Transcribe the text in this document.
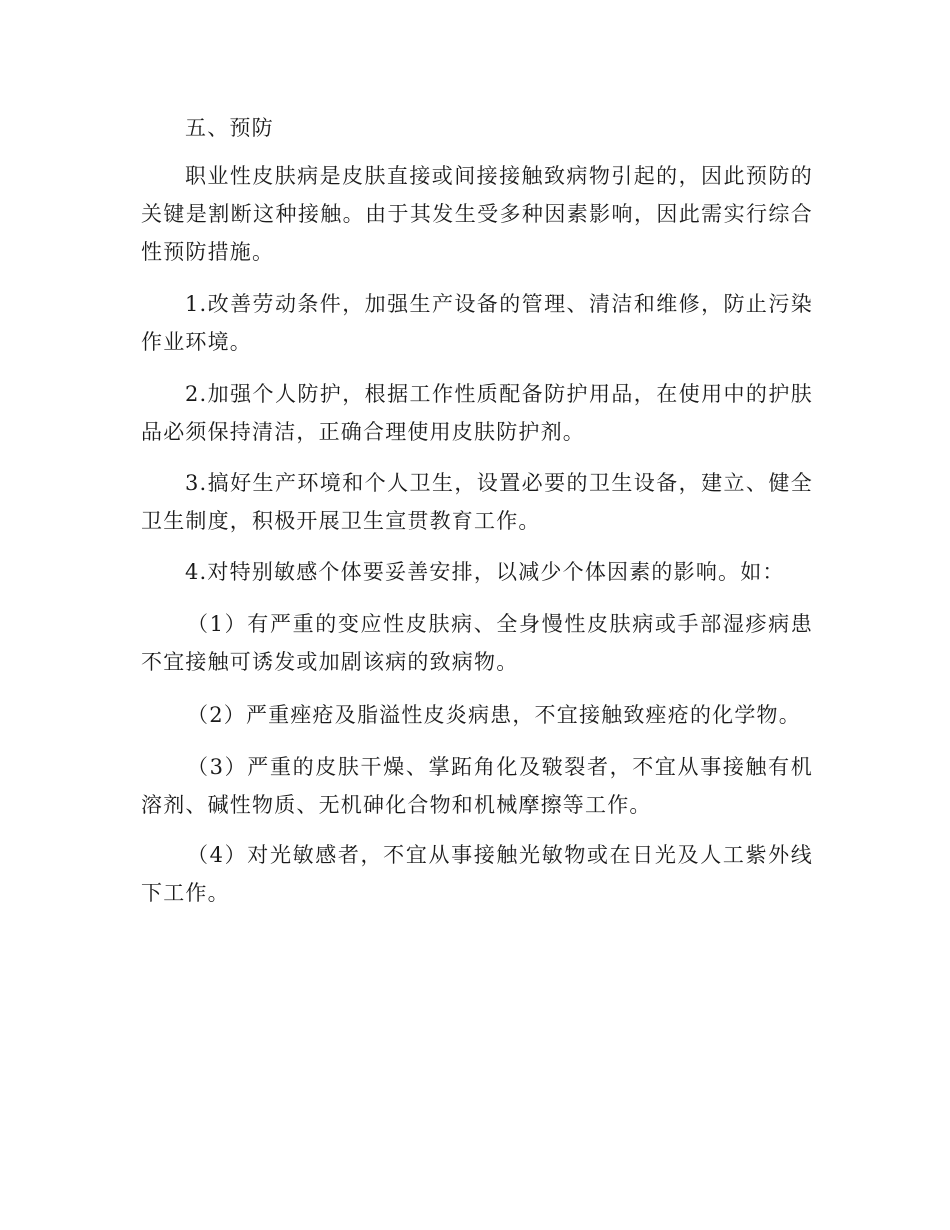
五、预防

职业性皮肤病是皮肤直接或间接接触致病物引起的，因此预防的关键是割断这种接触。由于其发生受多种因素影响，因此需实行综合性预防措施。

1.改善劳动条件，加强生产设备的管理、清洁和维修，防止污染作业环境。

2.加强个人防护，根据工作性质配备防护用品，在使用中的护肤品必须保持清洁，正确合理使用皮肤防护剂。

3.搞好生产环境和个人卫生，设置必要的卫生设备，建立、健全卫生制度，积极开展卫生宣贯教育工作。

4.对特别敏感个体要妥善安排，以减少个体因素的影响。如：

（1）有严重的变应性皮肤病、全身慢性皮肤病或手部湿疹病患不宜接触可诱发或加剧该病的致病物。

（2）严重痤疮及脂溢性皮炎病患，不宜接触致痤疮的化学物。

（3）严重的皮肤干燥、掌跖角化及皲裂者，不宜从事接触有机溶剂、碱性物质、无机砷化合物和机械摩擦等工作。

（4）对光敏感者，不宜从事接触光敏物或在日光及人工紫外线下工作。
